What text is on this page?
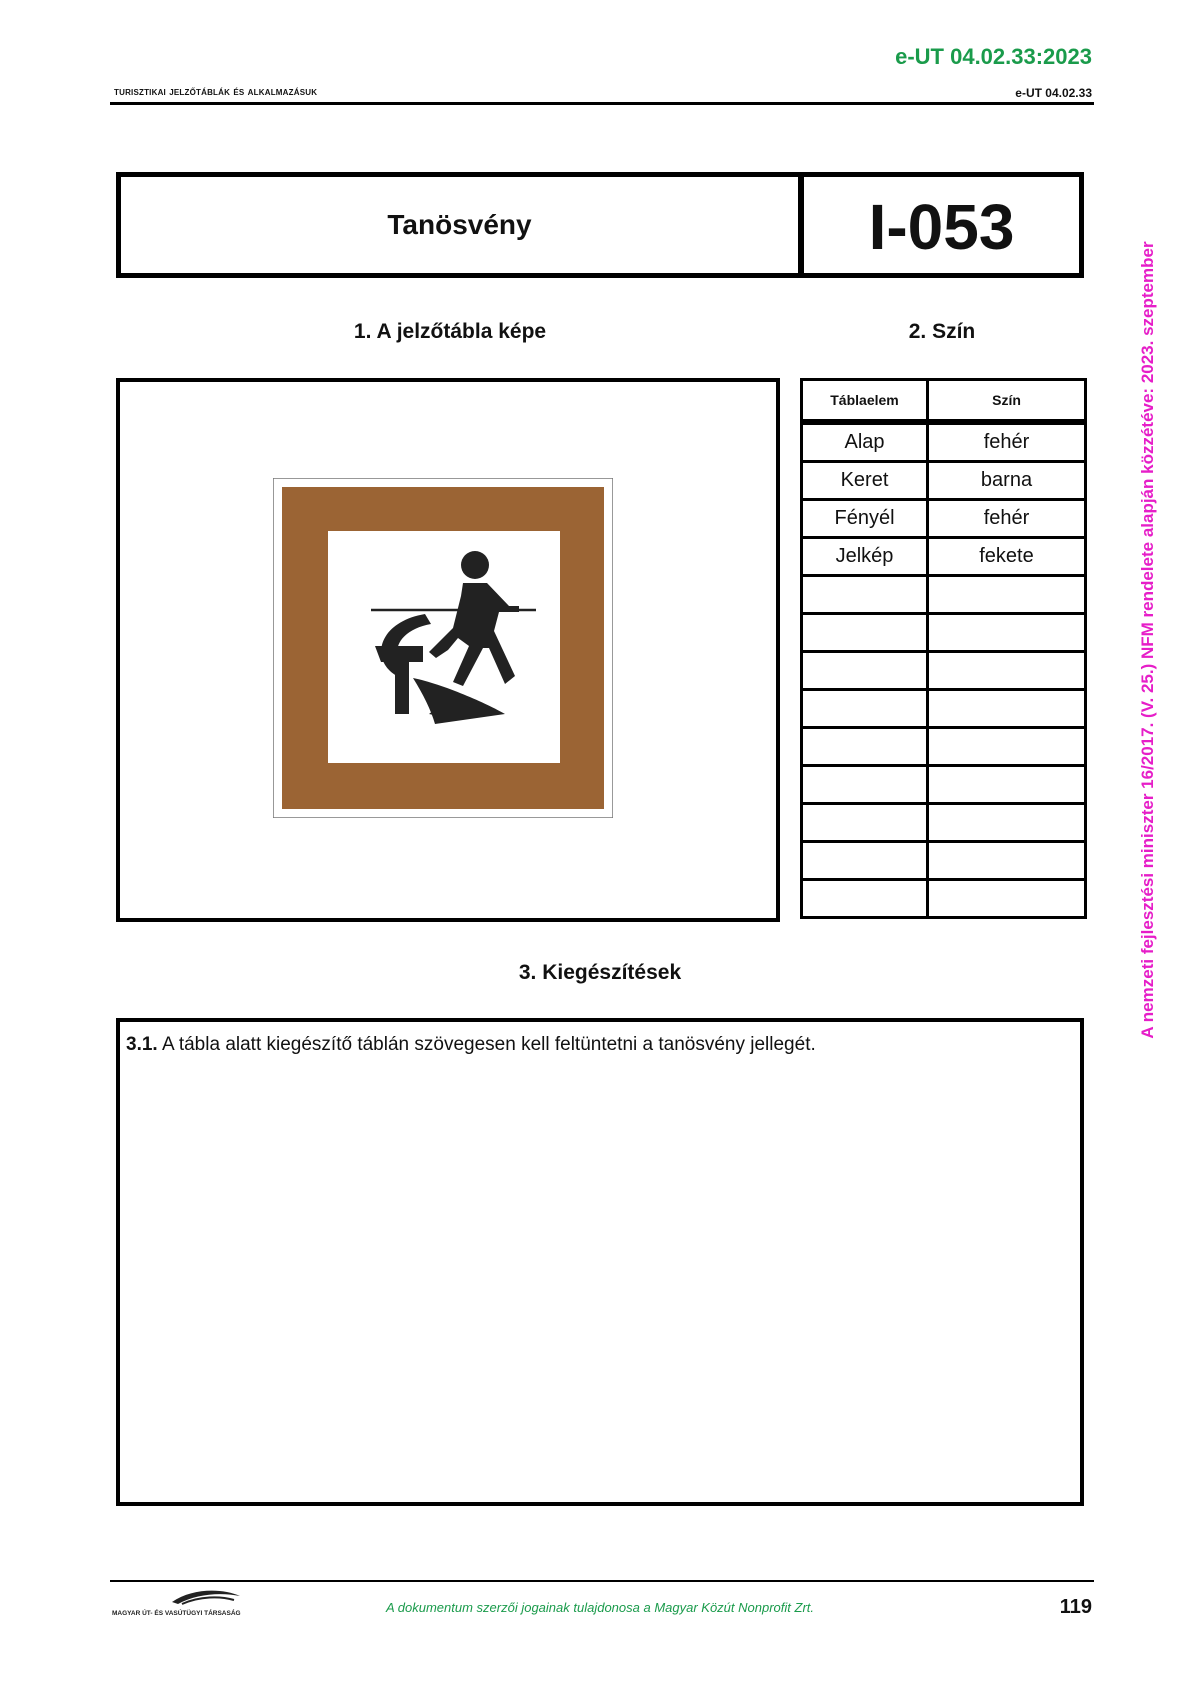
e-UT 04.02.33:2023
turisztikai jelzőtáblák és alkalmazásuk	e-UT 04.02.33
Tanösvény	I-053
1. A jelzőtábla képe	2. Szín
Táblaelem	Szín
Alap	fehér
Keret	barna
Fényél	fehér
Jelkép	fekete

3. Kiegészítések
3.1. A tábla alatt kiegészítő táblán szövegesen kell feltüntetni a tanösvény jellegét.
A nemzeti fejlesztési miniszter 16/2017. (V. 25.) NFM rendelete alapján közzétéve: 2023. szeptember
MAGYAR ÚT- ÉS VASÚTÜGYI TÁRSASÁG	A dokumentum szerzői jogainak tulajdonosa a Magyar Közút Nonprofit Zrt.	119
